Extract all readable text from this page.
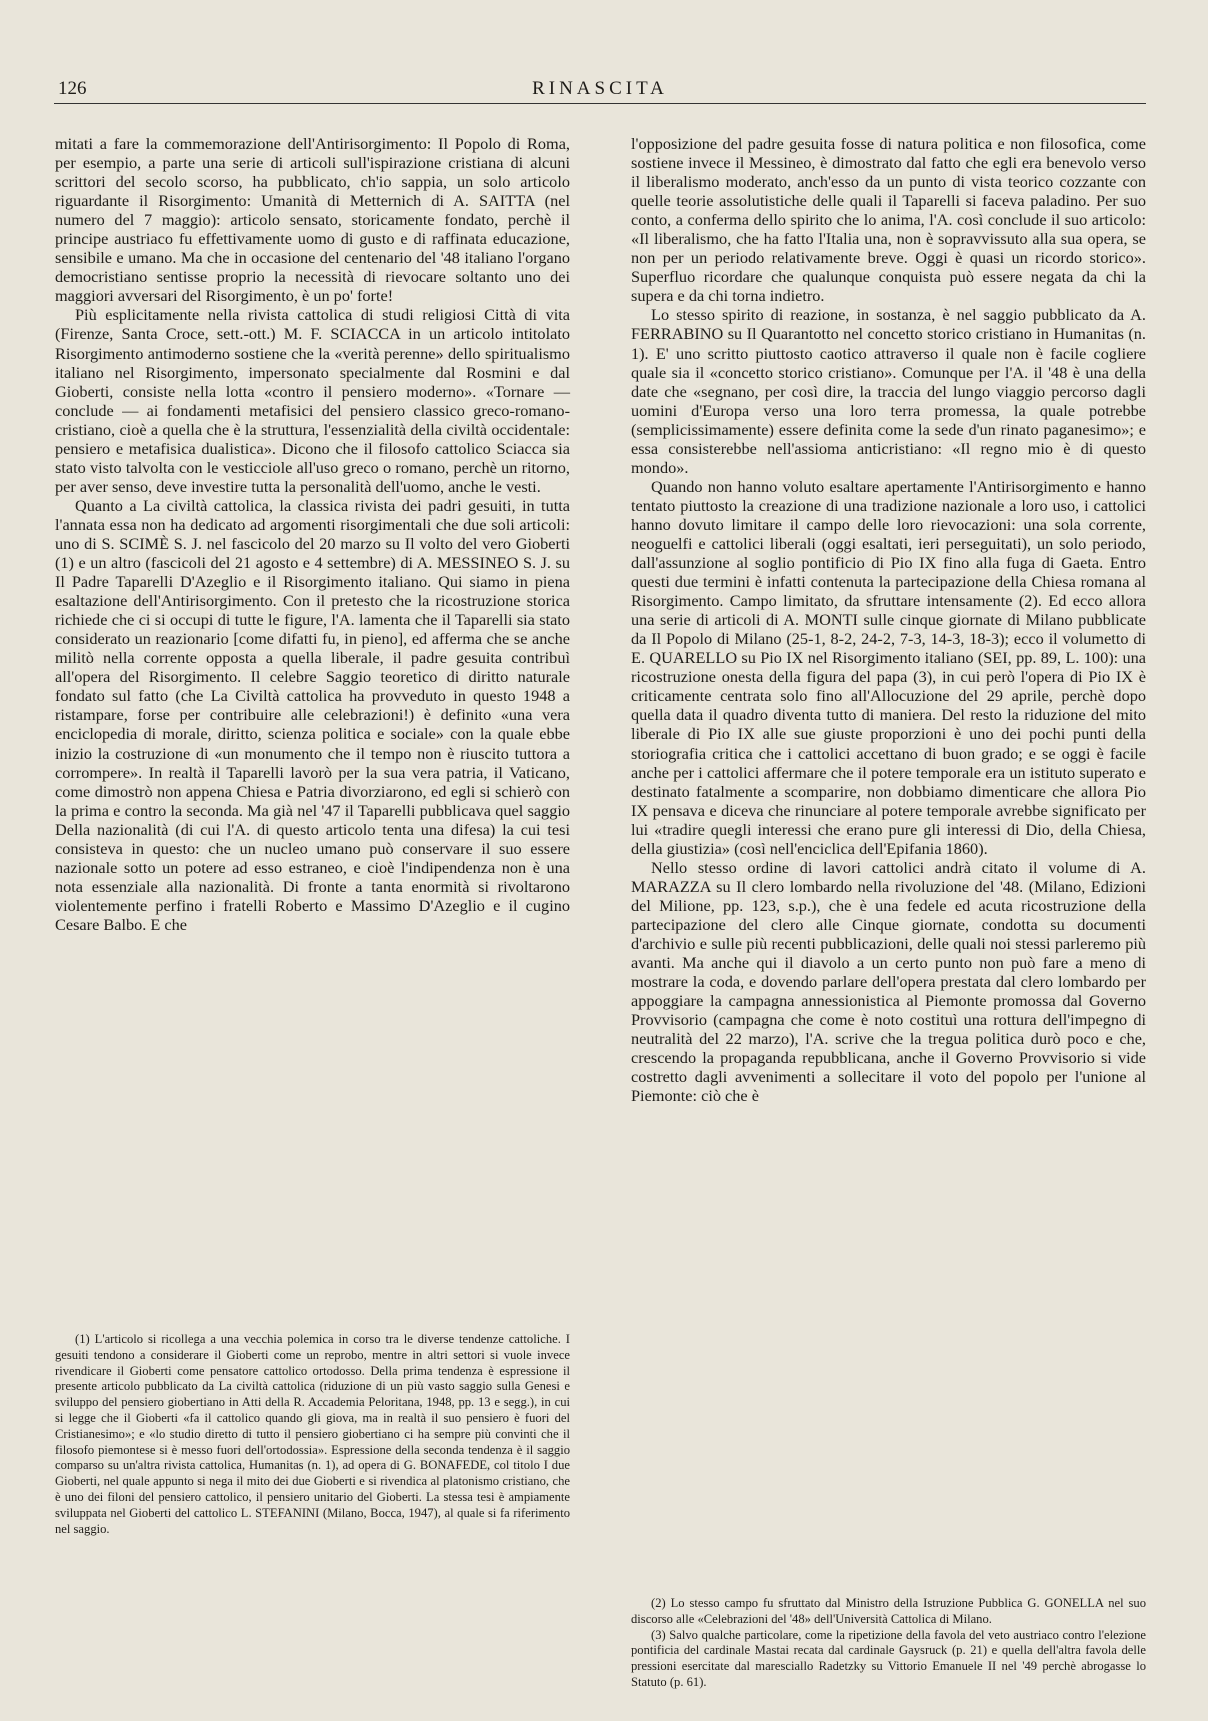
126	RINASCITA

mitati a fare la commemorazione dell'Antirisorgimento: Il Popolo di Roma, per esempio, a parte una serie di articoli sull'ispirazione cristiana di alcuni scrittori del secolo scorso, ha pubblicato, ch'io sappia, un solo articolo riguardante il Risorgimento: Umanità di Metternich di A. SAITTA (nel numero del 7 maggio): articolo sensato, storicamente fondato, perchè il principe austriaco fu effettivamente uomo di gusto e di raffinata educazione, sensibile e umano. Ma che in occasione del centenario del '48 italiano l'organo democristiano sentisse proprio la necessità di rievocare soltanto uno dei maggiori avversari del Risorgimento, è un po' forte!

Più esplicitamente nella rivista cattolica di studi religiosi Città di vita (Firenze, Santa Croce, sett.-ott.) M. F. SCIACCA in un articolo intitolato Risorgimento antimoderno sostiene che la «verità perenne» dello spiritualismo italiano nel Risorgimento, impersonato specialmente dal Rosmini e dal Gioberti, consiste nella lotta «contro il pensiero moderno». «Tornare — conclude — ai fondamenti metafisici del pensiero classico greco-romano-cristiano, cioè a quella che è la struttura, l'essenzialità della civiltà occidentale: pensiero e metafisica dualistica». Dicono che il filosofo cattolico Sciacca sia stato visto talvolta con le vesticciole all'uso greco o romano, perchè un ritorno, per aver senso, deve investire tutta la personalità dell'uomo, anche le vesti.

Quanto a La civiltà cattolica, la classica rivista dei padri gesuiti, in tutta l'annata essa non ha dedicato ad argomenti risorgimentali che due soli articoli: uno di S. SCIMÈ S. J. nel fascicolo del 20 marzo su Il volto del vero Gioberti (1) e un altro (fascicoli del 21 agosto e 4 settembre) di A. MESSINEO S. J. su Il Padre Taparelli D'Azeglio e il Risorgimento italiano. Qui siamo in piena esaltazione dell'Antirisorgimento. Con il pretesto che la ricostruzione storica richiede che ci si occupi di tutte le figure, l'A. lamenta che il Taparelli sia stato considerato un reazionario [come difatti fu, in pieno], ed afferma che se anche militò nella corrente opposta a quella liberale, il padre gesuita contribuì all'opera del Risorgimento. Il celebre Saggio teoretico di diritto naturale fondato sul fatto (che La Civiltà cattolica ha provveduto in questo 1948 a ristampare, forse per contribuire alle celebrazioni!) è definito «una vera enciclopedia di morale, diritto, scienza politica e sociale» con la quale ebbe inizio la costruzione di «un monumento che il tempo non è riuscito tuttora a corrompere». In realtà il Taparelli lavorò per la sua vera patria, il Vaticano, come dimostrò non appena Chiesa e Patria divorziarono, ed egli si schierò con la prima e contro la seconda. Ma già nel '47 il Taparelli pubblicava quel saggio Della nazionalità (di cui l'A. di questo articolo tenta una difesa) la cui tesi consisteva in questo: che un nucleo umano può conservare il suo essere nazionale sotto un potere ad esso estraneo, e cioè l'indipendenza non è una nota essenziale alla nazionalità. Di fronte a tanta enormità si rivoltarono violentemente perfino i fratelli Roberto e Massimo D'Azeglio e il cugino Cesare Balbo. E che

(1) L'articolo si ricollega a una vecchia polemica in corso tra le diverse tendenze cattoliche. I gesuiti tendono a considerare il Gioberti come un reprobo, mentre in altri settori si vuole invece rivendicare il Gioberti come pensatore cattolico ortodosso. Della prima tendenza è espressione il presente articolo pubblicato da La civiltà cattolica (riduzione di un più vasto saggio sulla Genesi e sviluppo del pensiero giobertiano in Atti della R. Accademia Peloritana, 1948, pp. 13 e segg.), in cui si legge che il Gioberti «fa il cattolico quando gli giova, ma in realtà il suo pensiero è fuori del Cristianesimo»; e «lo studio diretto di tutto il pensiero giobertiano ci ha sempre più convinti che il filosofo piemontese si è messo fuori dell'ortodossia». Espressione della seconda tendenza è il saggio comparso su un'altra rivista cattolica, Humanitas (n. 1), ad opera di G. BONAFEDE, col titolo I due Gioberti, nel quale appunto si nega il mito dei due Gioberti e si rivendica al platonismo cristiano, che è uno dei filoni del pensiero cattolico, il pensiero unitario del Gioberti. La stessa tesi è ampiamente sviluppata nel Gioberti del cattolico L. STEFANINI (Milano, Bocca, 1947), al quale si fa riferimento nel saggio.

l'opposizione del padre gesuita fosse di natura politica e non filosofica, come sostiene invece il Messineo, è dimostrato dal fatto che egli era benevolo verso il liberalismo moderato, anch'esso da un punto di vista teorico cozzante con quelle teorie assolutistiche delle quali il Taparelli si faceva paladino. Per suo conto, a conferma dello spirito che lo anima, l'A. così conclude il suo articolo: «Il liberalismo, che ha fatto l'Italia una, non è sopravvissuto alla sua opera, se non per un periodo relativamente breve. Oggi è quasi un ricordo storico». Superfluo ricordare che qualunque conquista può essere negata da chi la supera e da chi torna indietro.

Lo stesso spirito di reazione, in sostanza, è nel saggio pubblicato da A. FERRABINO su Il Quarantotto nel concetto storico cristiano in Humanitas (n. 1). E' uno scritto piuttosto caotico attraverso il quale non è facile cogliere quale sia il «concetto storico cristiano». Comunque per l'A. il '48 è una della date che «segnano, per così dire, la traccia del lungo viaggio percorso dagli uomini d'Europa verso una loro terra promessa, la quale potrebbe (semplicissimamente) essere definita come la sede d'un rinato paganesimo»; e essa consisterebbe nell'assioma anticristiano: «Il regno mio è di questo mondo».

Quando non hanno voluto esaltare apertamente l'Antirisorgimento e hanno tentato piuttosto la creazione di una tradizione nazionale a loro uso, i cattolici hanno dovuto limitare il campo delle loro rievocazioni: una sola corrente, neoguelfi e cattolici liberali (oggi esaltati, ieri perseguitati), un solo periodo, dall'assunzione al soglio pontificio di Pio IX fino alla fuga di Gaeta. Entro questi due termini è infatti contenuta la partecipazione della Chiesa romana al Risorgimento. Campo limitato, da sfruttare intensamente (2). Ed ecco allora una serie di articoli di A. MONTI sulle cinque giornate di Milano pubblicate da Il Popolo di Milano (25-1, 8-2, 24-2, 7-3, 14-3, 18-3); ecco il volumetto di E. QUARELLO su Pio IX nel Risorgimento italiano (SEI, pp. 89, L. 100): una ricostruzione onesta della figura del papa (3), in cui però l'opera di Pio IX è criticamente centrata solo fino all'Allocuzione del 29 aprile, perchè dopo quella data il quadro diventa tutto di maniera. Del resto la riduzione del mito liberale di Pio IX alle sue giuste proporzioni è uno dei pochi punti della storiografia critica che i cattolici accettano di buon grado; e se oggi è facile anche per i cattolici affermare che il potere temporale era un istituto superato e destinato fatalmente a scomparire, non dobbiamo dimenticare che allora Pio IX pensava e diceva che rinunciare al potere temporale avrebbe significato per lui «tradire quegli interessi che erano pure gli interessi di Dio, della Chiesa, della giustizia» (così nell'enciclica dell'Epifania 1860).

Nello stesso ordine di lavori cattolici andrà citato il volume di A. MARAZZA su Il clero lombardo nella rivoluzione del '48. (Milano, Edizioni del Milione, pp. 123, s.p.), che è una fedele ed acuta ricostruzione della partecipazione del clero alle Cinque giornate, condotta su documenti d'archivio e sulle più recenti pubblicazioni, delle quali noi stessi parleremo più avanti. Ma anche qui il diavolo a un certo punto non può fare a meno di mostrare la coda, e dovendo parlare dell'opera prestata dal clero lombardo per appoggiare la campagna annessionistica al Piemonte promossa dal Governo Provvisorio (campagna che come è noto costituì una rottura dell'impegno di neutralità del 22 marzo), l'A. scrive che la tregua politica durò poco e che, crescendo la propaganda repubblicana, anche il Governo Provvisorio si vide costretto dagli avvenimenti a sollecitare il voto del popolo per l'unione al Piemonte: ciò che è

(2) Lo stesso campo fu sfruttato dal Ministro della Istruzione Pubblica G. GONELLA nel suo discorso alle «Celebrazioni del '48» dell'Università Cattolica di Milano.

(3) Salvo qualche particolare, come la ripetizione della favola del veto austriaco contro l'elezione pontificia del cardinale Mastai recata dal cardinale Gaysruck (p. 21) e quella dell'altra favola delle pressioni esercitate dal maresciallo Radetzky su Vittorio Emanuele II nel '49 perchè abrogasse lo Statuto (p. 61).
